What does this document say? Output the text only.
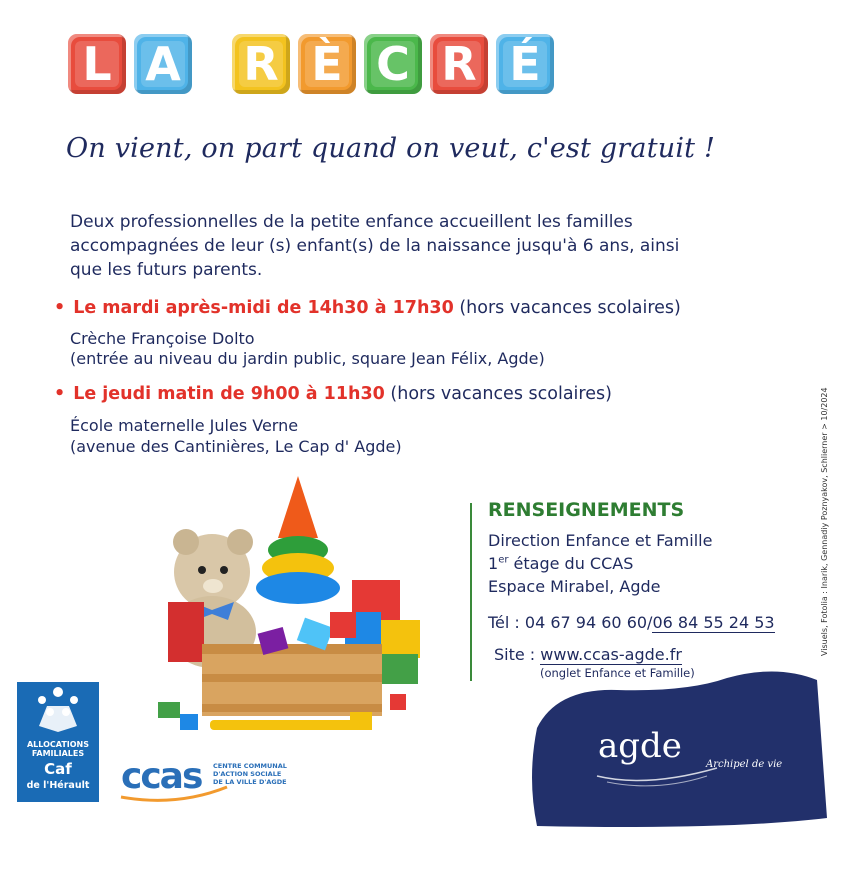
L A R È C R É
On vient, on part quand on veut, c'est gratuit !
Deux professionnelles de la petite enfance accueillent les familles accompagnées de leur (s) enfant(s) de la naissance jusqu'à 6 ans, ainsi que les futurs parents.
• Le mardi après-midi de 14h30 à 17h30 (hors vacances scolaires)
Crèche Françoise Dolto
(entrée au niveau du jardin public, square Jean Félix, Agde)
• Le jeudi matin de 9h00 à 11h30 (hors vacances scolaires)
École maternelle Jules Verne
(avenue des Cantinières, Le Cap d' Agde)	Visuels, Fotolia : Inarik, Gennadiy Poznyakov, Schlierner > 10/2024
RENSEIGNEMENTS
Direction Enfance et Famille
1er étage du CCAS
Espace Mirabel, Agde
Tél : 04 67 94 60 60/06 84 55 24 53
Site : www.ccas-agde.fr
(onglet Enfance et Famille)
ALLOCATIONS
FAMILIALES
Caf
de l'Hérault ccas CENTRE COMMUNAL
D'ACTION SOCIALE
DE LA VILLE D'AGDE
agde Archipel de vie
